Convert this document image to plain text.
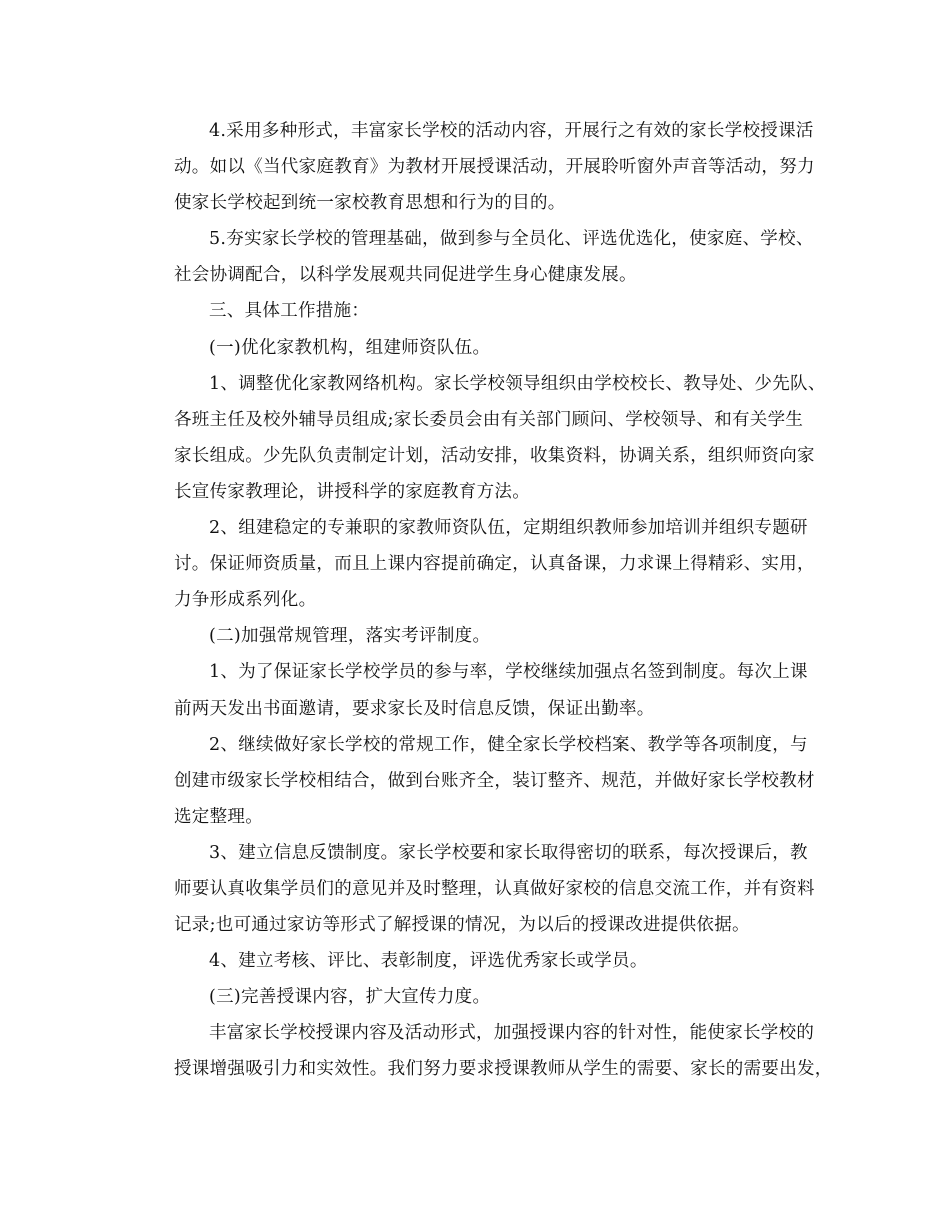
4.采用多种形式，丰富家长学校的活动内容，开展行之有效的家长学校授课活
动。如以《当代家庭教育》为教材开展授课活动，开展聆听窗外声音等活动，努力
使家长学校起到统一家校教育思想和行为的目的。
5.夯实家长学校的管理基础，做到参与全员化、评选优选化，使家庭、学校、
社会协调配合，以科学发展观共同促进学生身心健康发展。
三、具体工作措施：
(一)优化家教机构，组建师资队伍。
1、调整优化家教网络机构。家长学校领导组织由学校校长、教导处、少先队、
各班主任及校外辅导员组成;家长委员会由有关部门顾问、学校领导、和有关学生
家长组成。少先队负责制定计划，活动安排，收集资料，协调关系，组织师资向家
长宣传家教理论，讲授科学的家庭教育方法。
2、组建稳定的专兼职的家教师资队伍，定期组织教师参加培训并组织专题研
讨。保证师资质量，而且上课内容提前确定，认真备课，力求课上得精彩、实用，
力争形成系列化。
(二)加强常规管理，落实考评制度。
1、为了保证家长学校学员的参与率，学校继续加强点名签到制度。每次上课
前两天发出书面邀请，要求家长及时信息反馈，保证出勤率。
2、继续做好家长学校的常规工作，健全家长学校档案、教学等各项制度，与
创建市级家长学校相结合，做到台账齐全，装订整齐、规范，并做好家长学校教材
选定整理。
3、建立信息反馈制度。家长学校要和家长取得密切的联系，每次授课后，教
师要认真收集学员们的意见并及时整理，认真做好家校的信息交流工作，并有资料
记录;也可通过家访等形式了解授课的情况，为以后的授课改进提供依据。
4、建立考核、评比、表彰制度，评选优秀家长或学员。
(三)完善授课内容，扩大宣传力度。
丰富家长学校授课内容及活动形式，加强授课内容的针对性，能使家长学校的
授课增强吸引力和实效性。我们努力要求授课教师从学生的需要、家长的需要出发，
